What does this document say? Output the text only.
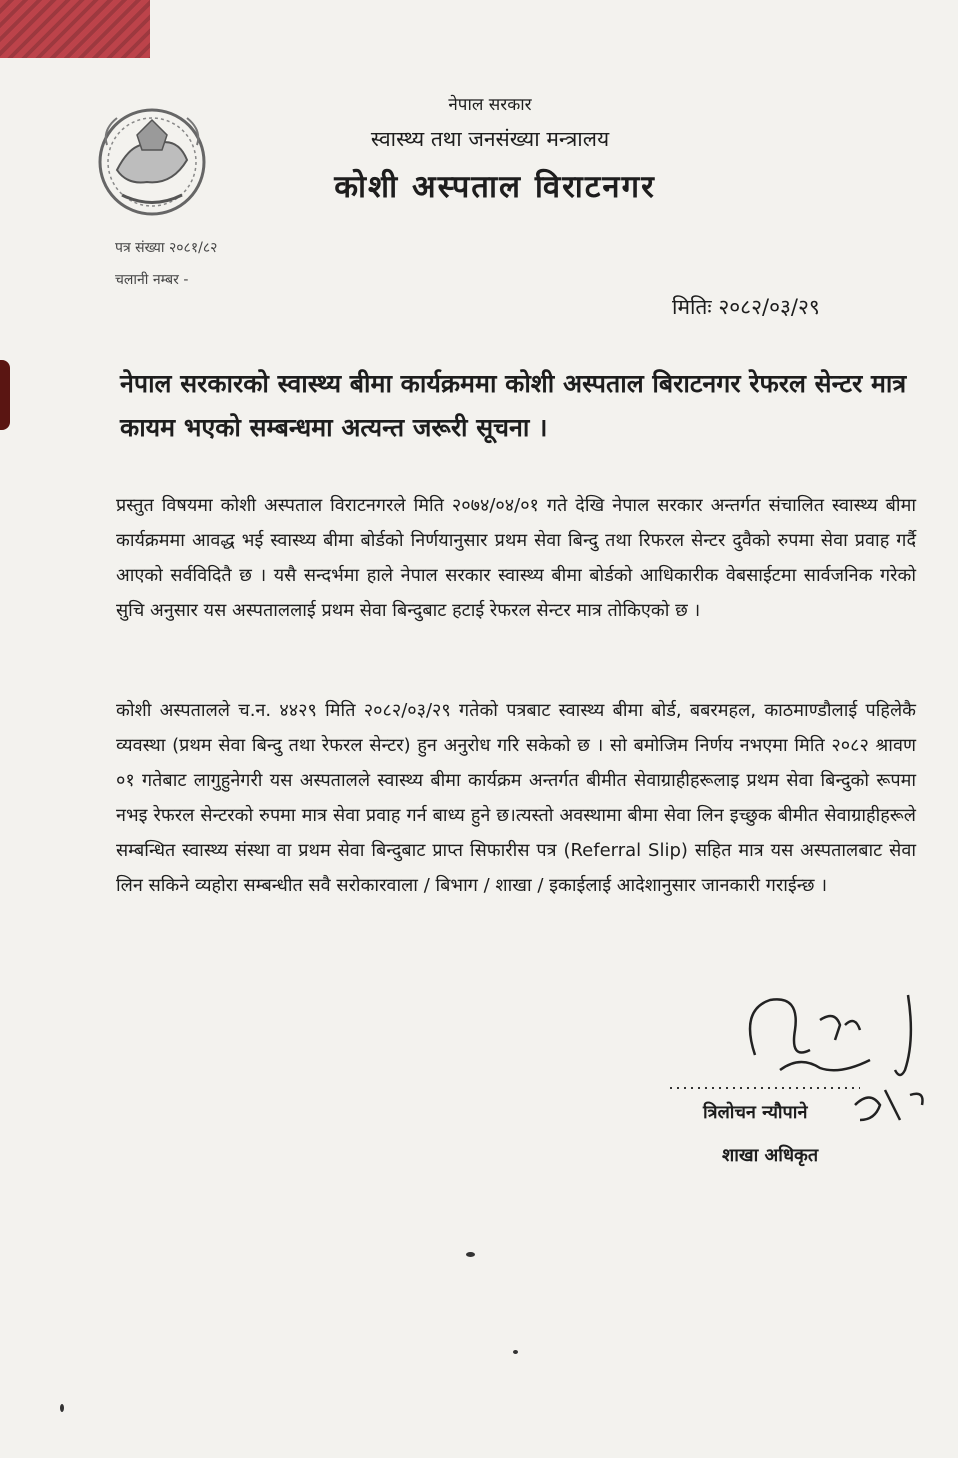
नेपाल सरकार
स्वास्थ्य तथा जनसंख्या मन्त्रालय
कोशी अस्पताल विराटनगर
पत्र संख्या २०८१/८२
चलानी नम्बर -
मितिः २०८२/०३/२९
नेपाल सरकारको स्वास्थ्य बीमा कार्यक्रममा कोशी अस्पताल बिराटनगर रेफरल सेन्टर मात्र कायम भएको सम्बन्धमा अत्यन्त जरूरी सूचना ।
प्रस्तुत विषयमा कोशी अस्पताल विराटनगरले मिति २०७४/०४/०१ गते देखि नेपाल सरकार अन्तर्गत संचालित स्वास्थ्य बीमा कार्यक्रममा आवद्ध भई स्वास्थ्य बीमा बोर्डको निर्णयानुसार प्रथम सेवा बिन्दु तथा रिफरल सेन्टर दुवैको रुपमा सेवा प्रवाह गर्दै आएको सर्वविदितै छ । यसै सन्दर्भमा हाले नेपाल सरकार स्वास्थ्य बीमा बोर्डको आधिकारीक वेबसाईटमा सार्वजनिक गरेको सुचि अनुसार यस अस्पताललाई प्रथम सेवा बिन्दुबाट हटाई रेफरल सेन्टर मात्र तोकिएको छ ।
कोशी अस्पतालले च.न. ४४२९ मिति २०८२/०३/२९ गतेको पत्रबाट स्वास्थ्य बीमा बोर्ड, बबरमहल, काठमाण्डौलाई पहिलेकै व्यवस्था (प्रथम सेवा बिन्दु तथा रेफरल सेन्टर) हुन अनुरोध गरि सकेको छ । सो बमोजिम निर्णय नभएमा मिति २०८२ श्रावण ०१ गतेबाट लागुहुनेगरी यस अस्पतालले स्वास्थ्य बीमा कार्यक्रम अन्तर्गत बीमीत सेवाग्राहीहरूलाइ प्रथम सेवा बिन्दुको रूपमा नभइ रेफरल सेन्टरको रुपमा मात्र सेवा प्रवाह गर्न बाध्य हुने छ।त्यस्तो अवस्थामा बीमा सेवा लिन इच्छुक बीमीत सेवाग्राहीहरूले सम्बन्धित स्वास्थ्य संस्था वा प्रथम सेवा बिन्दुबाट प्राप्त सिफारीस पत्र (Referral Slip) सहित मात्र यस अस्पतालबाट सेवा लिन सकिने व्यहोरा सम्बन्धीत सवै सरोकारवाला / बिभाग / शाखा / इकाईलाई आदेशानुसार जानकारी गराईन्छ ।
त्रिलोचन न्यौपाने
शाखा अधिकृत
